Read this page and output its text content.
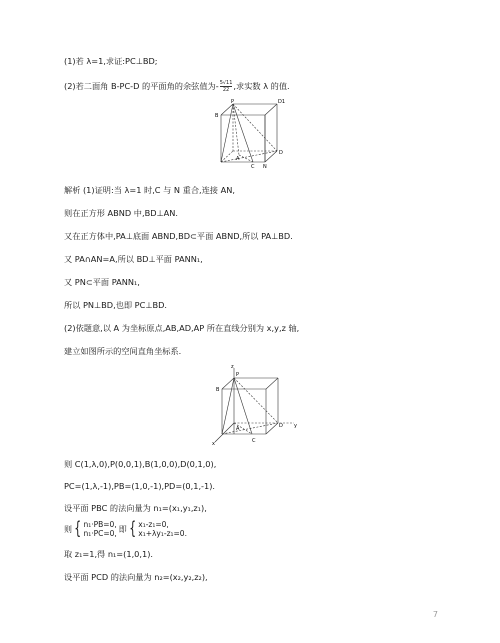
(1)若 λ=1,求证:PC⊥BD;
(2)若二面角 B-PC-D 的平面角的余弦值为- $\frac{5√11}{22}$ ,求实数 λ 的值.
P	D1
B
A
D
C N
解析 (1)证明:当 λ=1 时,C 与 N 重合,连接 AN,
则在正方形 ABND 中,BD⊥AN.
又在正方体中,PA⊥底面 ABND,BD⊂平面 ABND,所以 PA⊥BD.
又 PA∩AN=A,所以 BD⊥平面 PANN₁,
又 PN⊂平面 PANN₁,
所以 PN⊥BD,也即 PC⊥BD.
(2)依题意,以 A 为坐标原点,AB,AD,AP 所在直线分别为 x,y,z 轴,
建立如图所示的空间直角坐标系.
z
P
B
A	D y
x	C
则 C(1,λ,0),P(0,0,1),B(1,0,0),D(0,1,0),
PC=(1,λ,-1),PB=(1,0,-1),PD=(0,1,-1).
设平面 PBC 的法向量为 n₁=(x₁,y₁,z₁),
则 { n₁·PB=0,
n₁·PC=0, 即 { x₁-z₁=0,
x₁+λy₁-z₁=0.
取 z₁=1,得 n₁=(1,0,1).
设平面 PCD 的法向量为 n₂=(x₂,y₂,z₂),
7
